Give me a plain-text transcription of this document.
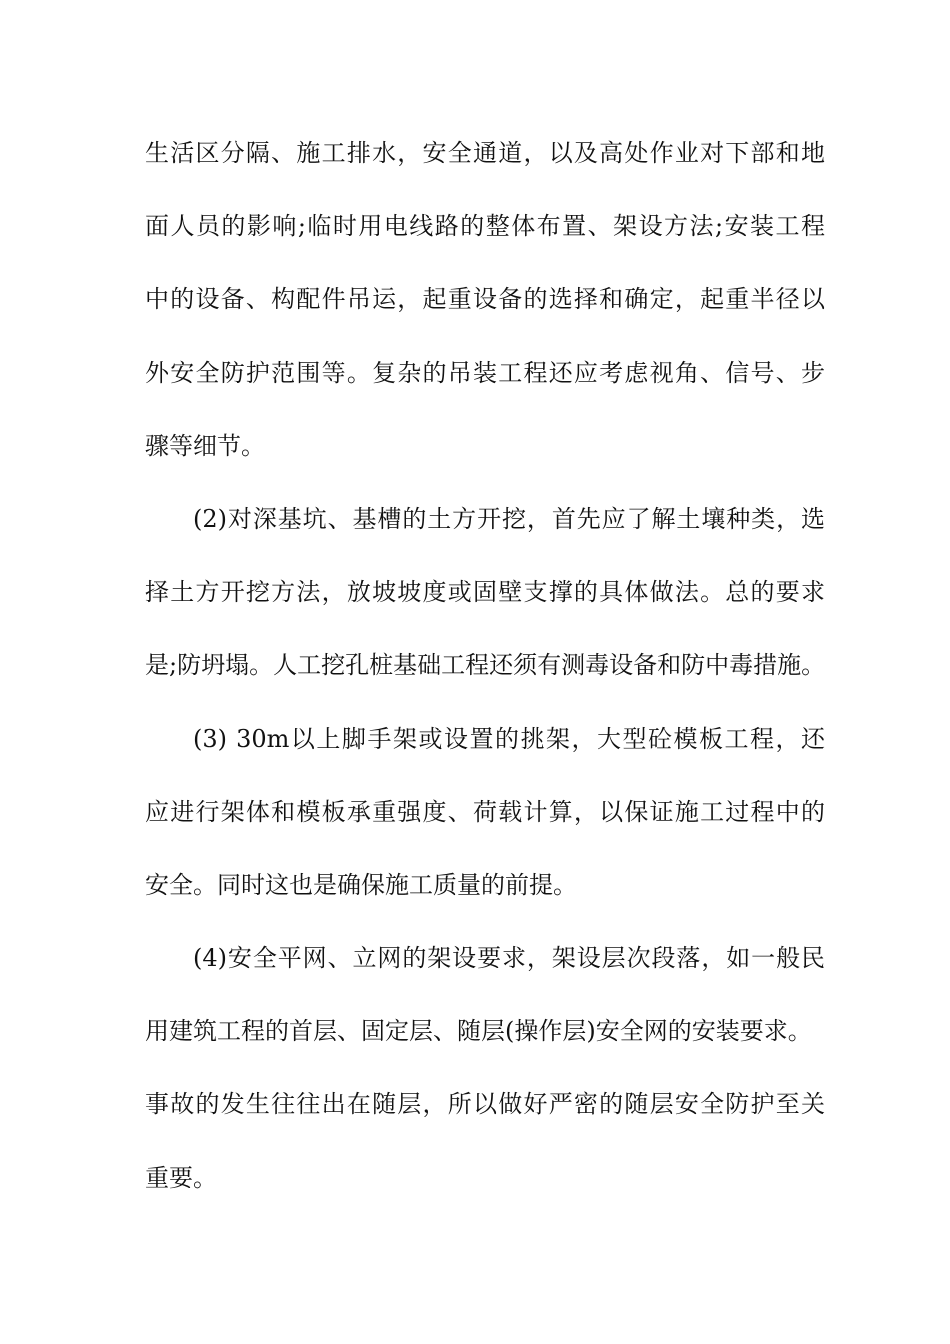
生活区分隔、施工排水，安全通道，以及高处作业对下部和地
面人员的影响;临时用电线路的整体布置、架设方法;安装工程
中的设备、构配件吊运，起重设备的选择和确定，起重半径以
外安全防护范围等。复杂的吊装工程还应考虑视角、信号、步
骤等细节。
(2)对深基坑、基槽的土方开挖，首先应了解土壤种类，选
择土方开挖方法，放坡坡度或固壁支撑的具体做法。总的要求
是;防坍塌。人工挖孔桩基础工程还须有测毒设备和防中毒措施。
(3) 30m以上脚手架或设置的挑架，大型砼模板工程，还
应进行架体和模板承重强度、荷载计算，以保证施工过程中的
安全。同时这也是确保施工质量的前提。
(4)安全平网、立网的架设要求，架设层次段落，如一般民
用建筑工程的首层、固定层、随层(操作层)安全网的安装要求。
事故的发生往往出在随层，所以做好严密的随层安全防护至关
重要。
